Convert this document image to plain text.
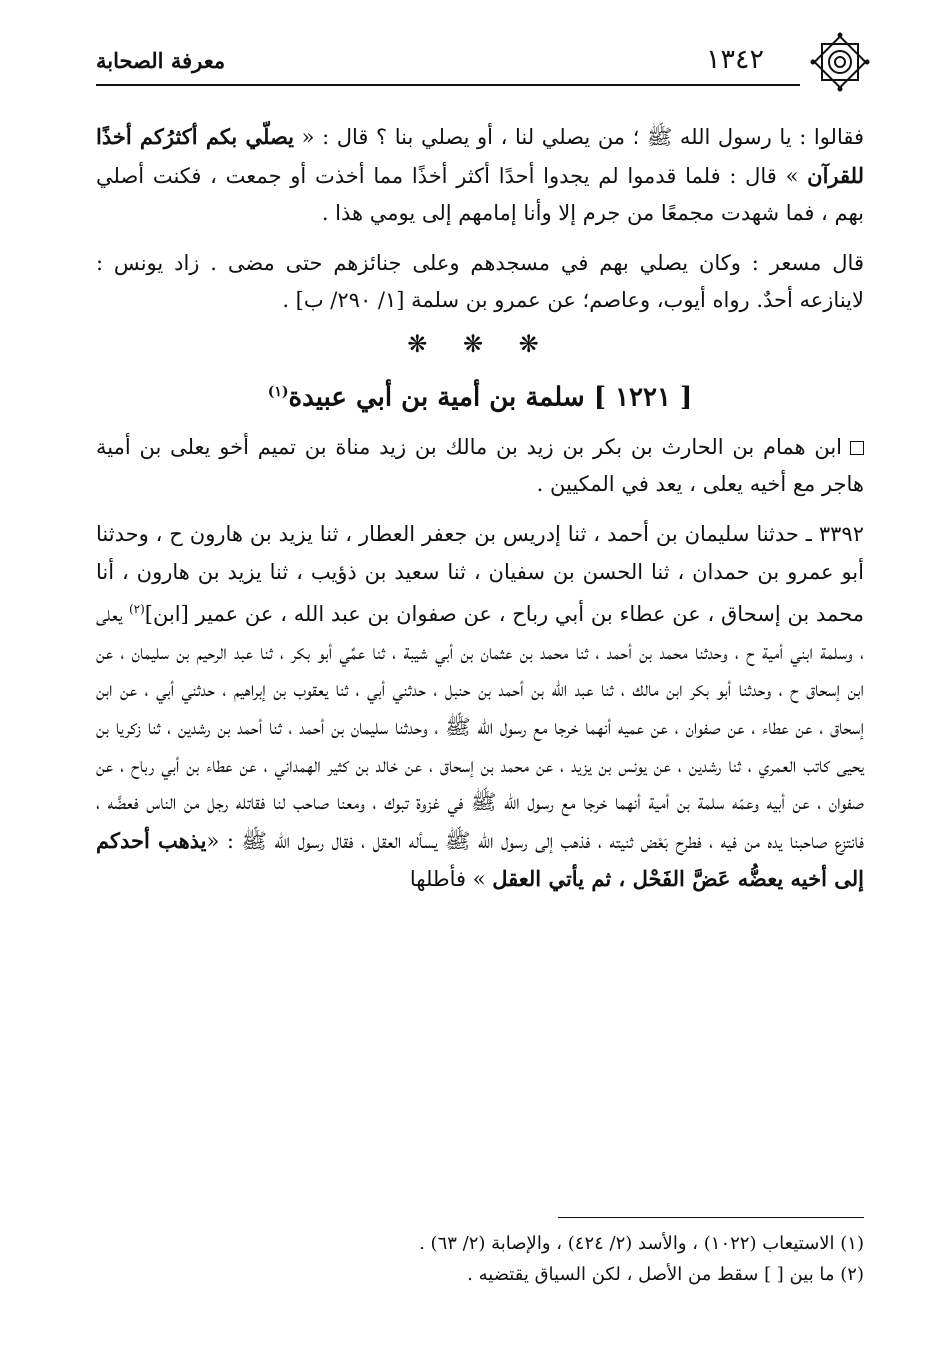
معرفة الصحابة	١٣٤٢

فقالوا : يا رسول الله ﷺ ؛ من يصلي لنا ، أو يصلي بنا ؟ قال : « يصلّي بكم أكثرُكم أخذًا للقرآن » قال : فلما قدموا لم يجدوا أحدًا أكثر أخذًا مما أخذت أو جمعت ، فكنت أصلي بهم ، فما شهدت مجمعًا من جرم إلا وأنا إمامهم إلى يومي هذا .

قال مسعر : وكان يصلي بهم في مسجدهم وعلى جنائزهم حتى مضى . زاد يونس : لاينازعه أحدٌ. رواه أيوب، وعاصم؛ عن عمرو بن سلمة [١/ ٢٩٠/ ب] .

❋ ❋ ❋

[ ١٢٢١ ] سلمة بن أمية بن أبي عبيدة$^{(١)}$

ابن همام بن الحارث بن بكر بن زيد بن مالك بن زيد مناة بن تميم أخو يعلى بن أمية هاجر مع أخيه يعلى ، يعد في المكيين .

٣٣٩٢ ـ حدثنا سليمان بن أحمد ، ثنا إدريس بن جعفر العطار ، ثنا يزيد بن هارون ح ، وحدثنا أبو عمرو بن حمدان ، ثنا الحسن بن سفيان ، ثنا سعيد بن ذؤيب ، ثنا يزيد بن هارون ، أنا محمد بن إسحاق ، عن عطاء بن أبي رباح ، عن صفوان بن عبد الله ، عن عمير [ابن]$^{(٢)}$ يعلى ، وسلمة ابني أمية ح ، وحدثنا محمد بن أحمد ، ثنا محمد بن عثمان بن أبي شيبة ، ثنا عمِّي أبو بكر ، ثنا عبد الرحيم بن سليمان ، عن ابن إسحاق ح ، وحدثنا أبو بكر ابن مالك ، ثنا عبد الله بن أحمد بن حنبل ، حدثني أبي ، ثنا يعقوب بن إبراهيم ، حدثني أبي ، عن ابن إسحاق ، عن عطاء ، عن صفوان ، عن عميه أنهما خرجا مع رسول الله ﷺ ، وحدثنا سليمان بن أحمد ، ثنا أحمد بن رشدين ، ثنا زكريا بن يحيى كاتب العمري ، ثنا رشدين ، عن يونس بن يزيد ، عن محمد بن إسحاق ، عن خالد بن كثير الهمداني ، عن عطاء بن أبي رباح ، عن صفوان ، عن أبيه وعمّه سلمة بن أمية أنهما خرجا مع رسول الله ﷺ في غزوة تبوك ، ومعنا صاحب لنا فقاتله رجل من الناس فعضَّه ، فانتزع صاحبنا يده من فيه ، فطرح بَعْض ثنيته ، فذهب إلى رسول الله ﷺ يسأله العقل ، فقال رسول الله ﷺ : «يذهب أحدكم إلى أخيه يعضُّه عَضَّ الفَحْل ، ثم يأتي العقل » فأطلها

(١) الاستيعاب (١٠٢٢) ، والأسد (٢/ ٤٢٤) ، والإصابة (٢/ ٦٣) .

(٢) ما بين [ ] سقط من الأصل ، لكن السياق يقتضيه .
